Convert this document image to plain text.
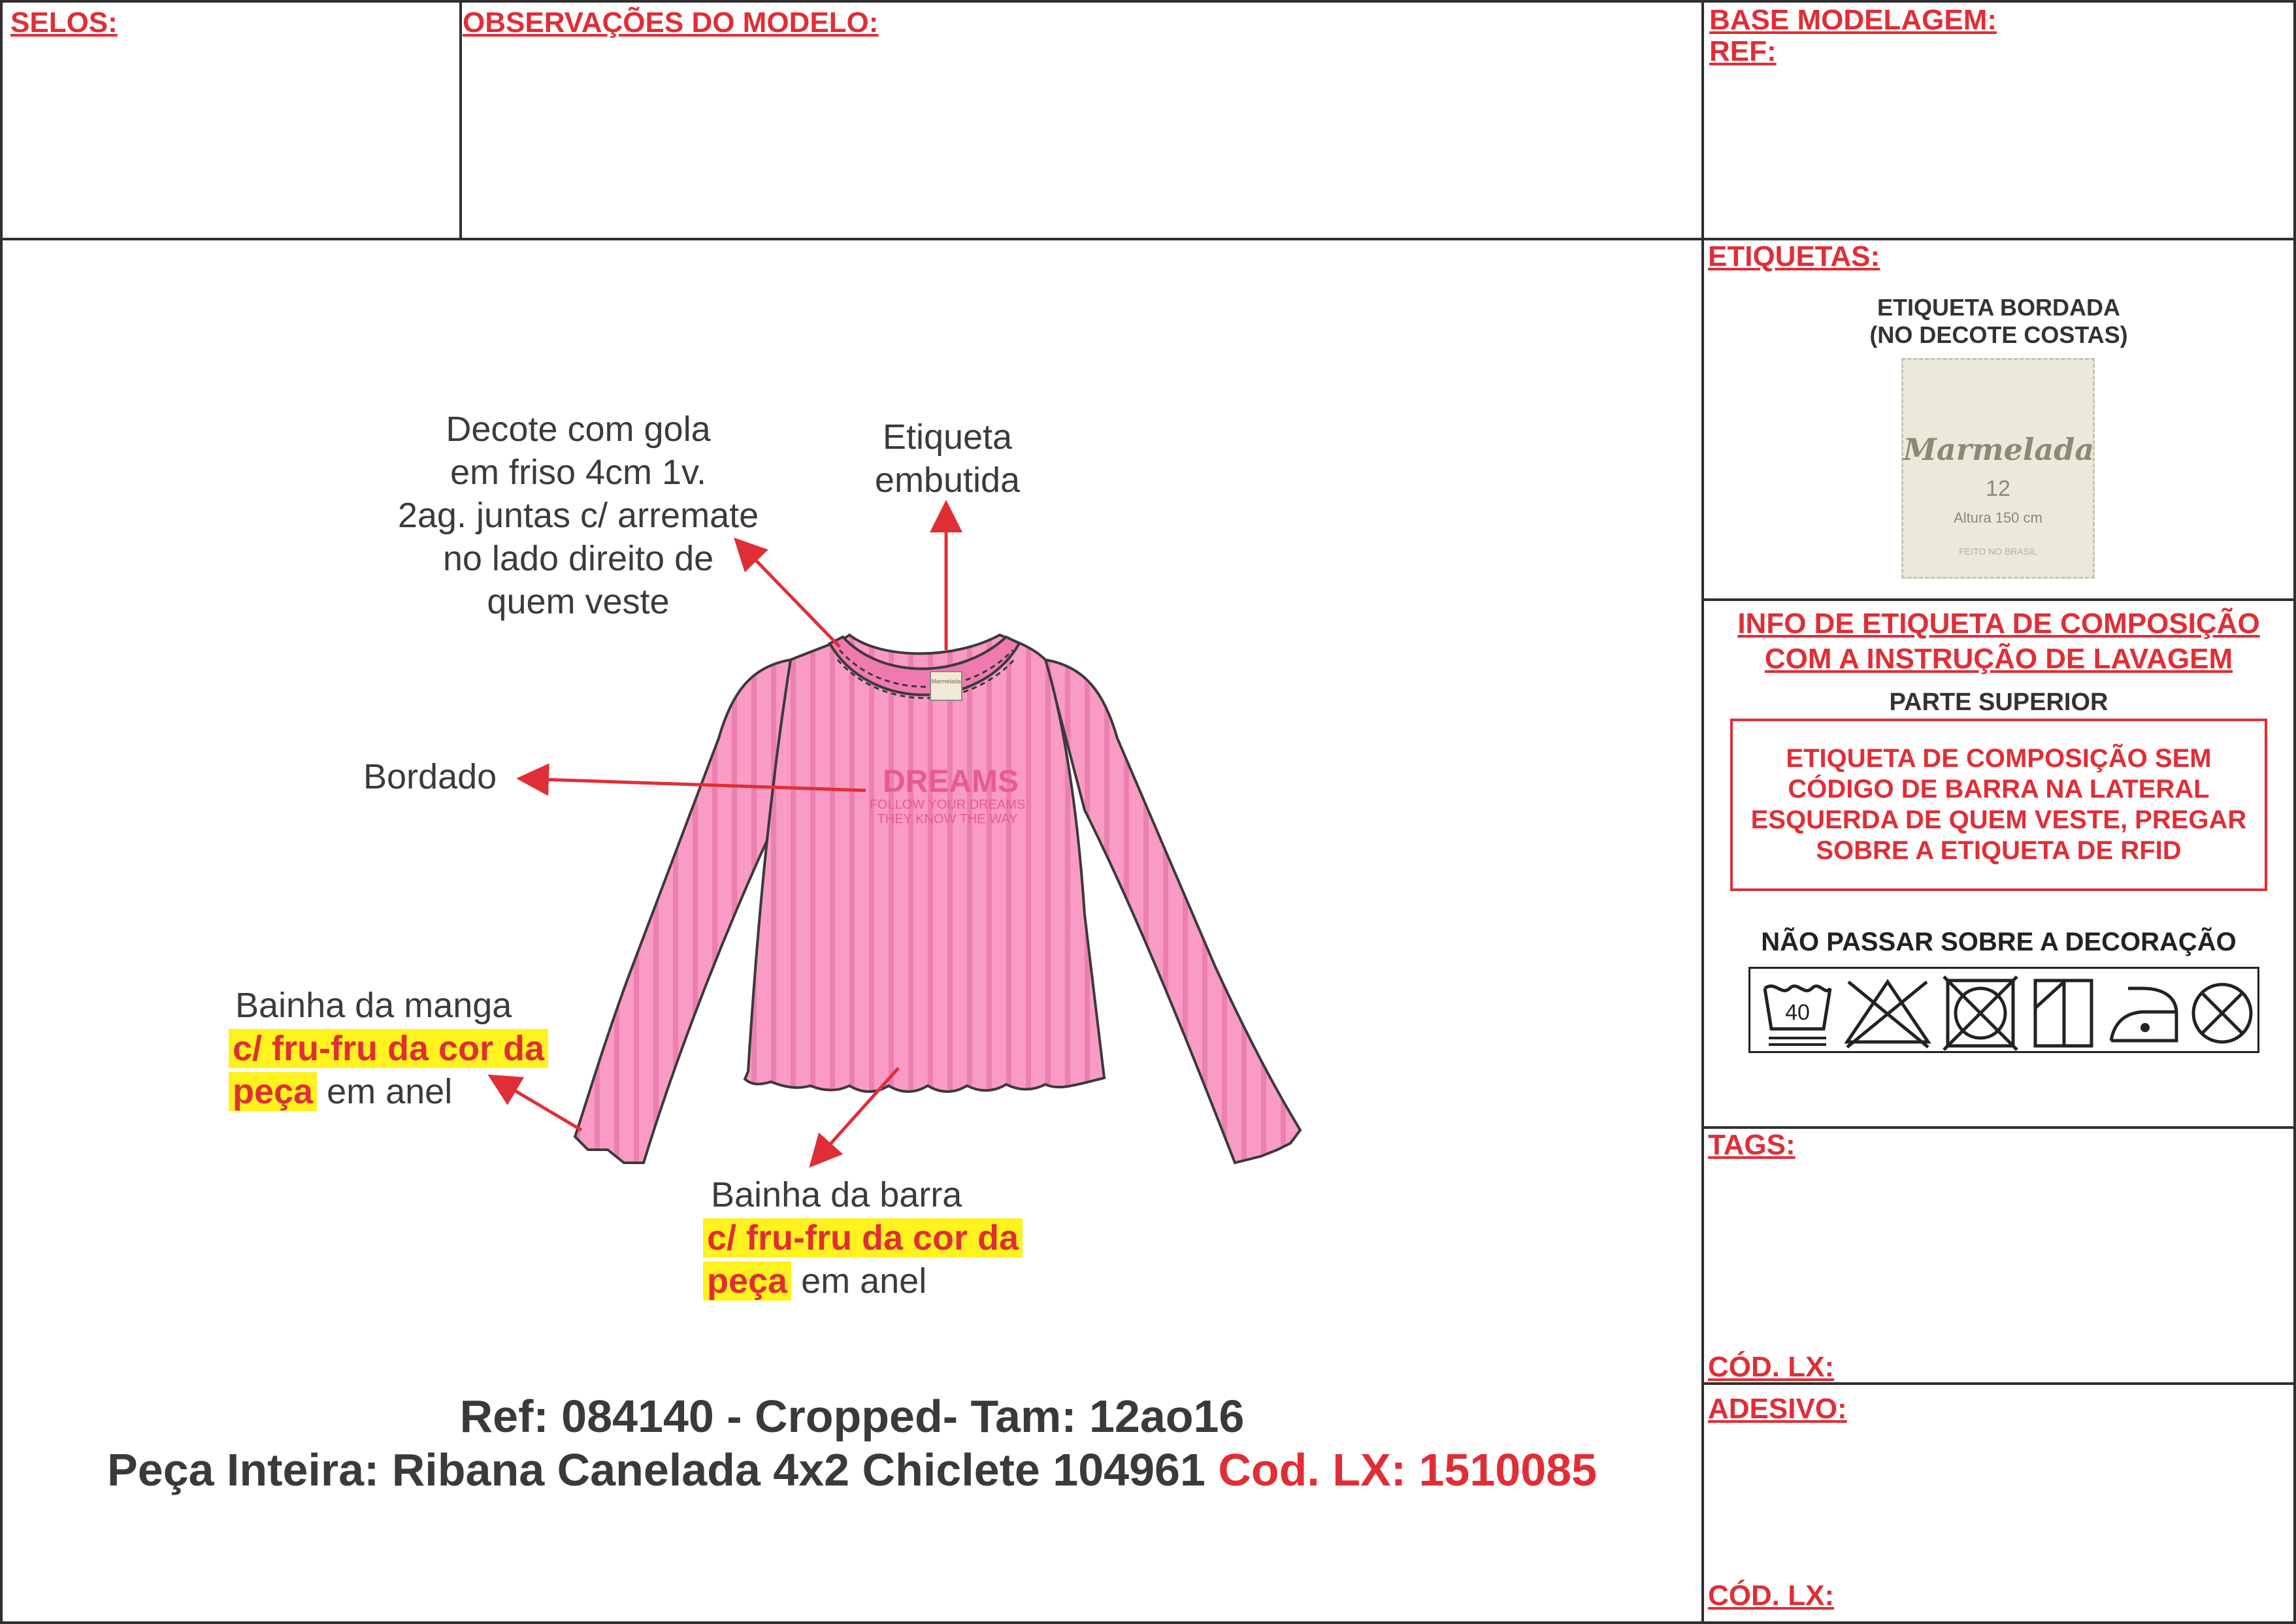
SELOS:	OBSERVAÇÕES DO MODELO:	BASE MODELAGEM:
REF:
Marmelada
DREAMS
FOLLOW YOUR DREAMS
THEY KNOW THE WAY
Decote com gola
em friso 4cm 1v.
2ag. juntas c/ arremate
no lado direito de
quem veste
Etiqueta
embutida
Bordado
Bainha da manga
c/ fru-fru da cor da
peça em anel
Bainha da barra
c/ fru-fru da cor da
peça em anel
Ref: 084140 - Cropped- Tam: 12ao16
Peça Inteira: Ribana Canelada 4x2 Chiclete 104961 Cod. LX: 1510085
ETIQUETAS:
ETIQUETA BORDADA
(NO DECOTE COSTAS)
Marmelada
12
Altura 150 cm
FEITO NO BRASIL
INFO DE ETIQUETA DE COMPOSIÇÃO
COM A INSTRUÇÃO DE LAVAGEM
PARTE SUPERIOR
ETIQUETA DE COMPOSIÇÃO SEM
CÓDIGO DE BARRA NA LATERAL
ESQUERDA DE QUEM VESTE, PREGAR
SOBRE A ETIQUETA DE RFID
NÃO PASSAR SOBRE A DECORAÇÃO
40
TAGS:
CÓD. LX:
ADESIVO:
CÓD. LX:
